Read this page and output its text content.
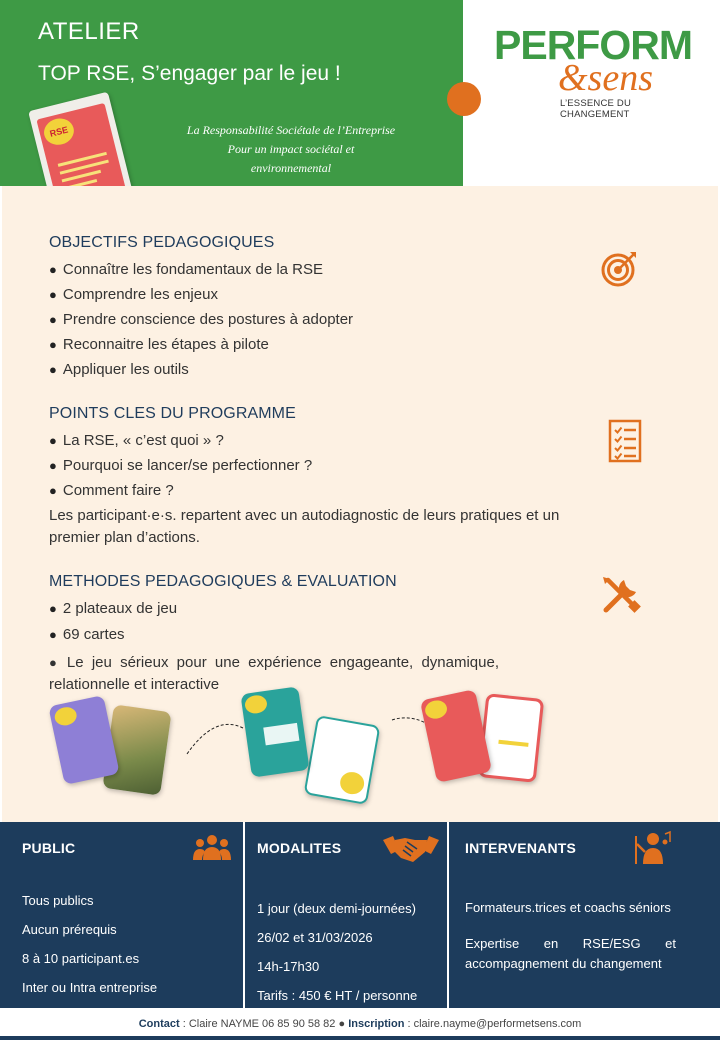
ATELIER
TOP RSE, S’engager par le jeu !
RSE	La Responsabilité Sociétale de l’Entreprise
Pour un impact sociétal et
environnemental
PERFORM
&sens
L’ESSENCE DU CHANGEMENT
OBJECTIFS PEDAGOGIQUES
● Connaître les fondamentaux de la RSE
● Comprendre les enjeux
● Prendre conscience des postures à adopter
● Reconnaitre les étapes à pilote
● Appliquer les outils
POINTS CLES DU PROGRAMME
● La RSE, « c’est quoi » ?
● Pourquoi se lancer/se perfectionner ?
● Comment faire ?

Les participant·e·s. repartent avec un autodiagnostic de leurs pratiques et un premier plan d’actions.

METHODES PEDAGOGIQUES & EVALUATION
● 2 plateaux de jeu
● 69 cartes

● Le jeu sérieux pour une expérience engageante, dynamique, relationnelle et interactive

PUBLIC
Tous publics
Aucun prérequis
8 à 10 participant.es
Inter ou Intra entreprise
MODALITES
1 jour (deux demi-journées)
26/02 et 31/03/2026
14h-17h30
Tarifs : 450 € HT / personne
INTERVENANTS
Formateurs.trices et coachs séniors
Expertise en RSE/ESG et accompagnement du changement
Contact : Claire NAYME 06 85 90 58 82 ● Inscription : claire.nayme@performetsens.com
